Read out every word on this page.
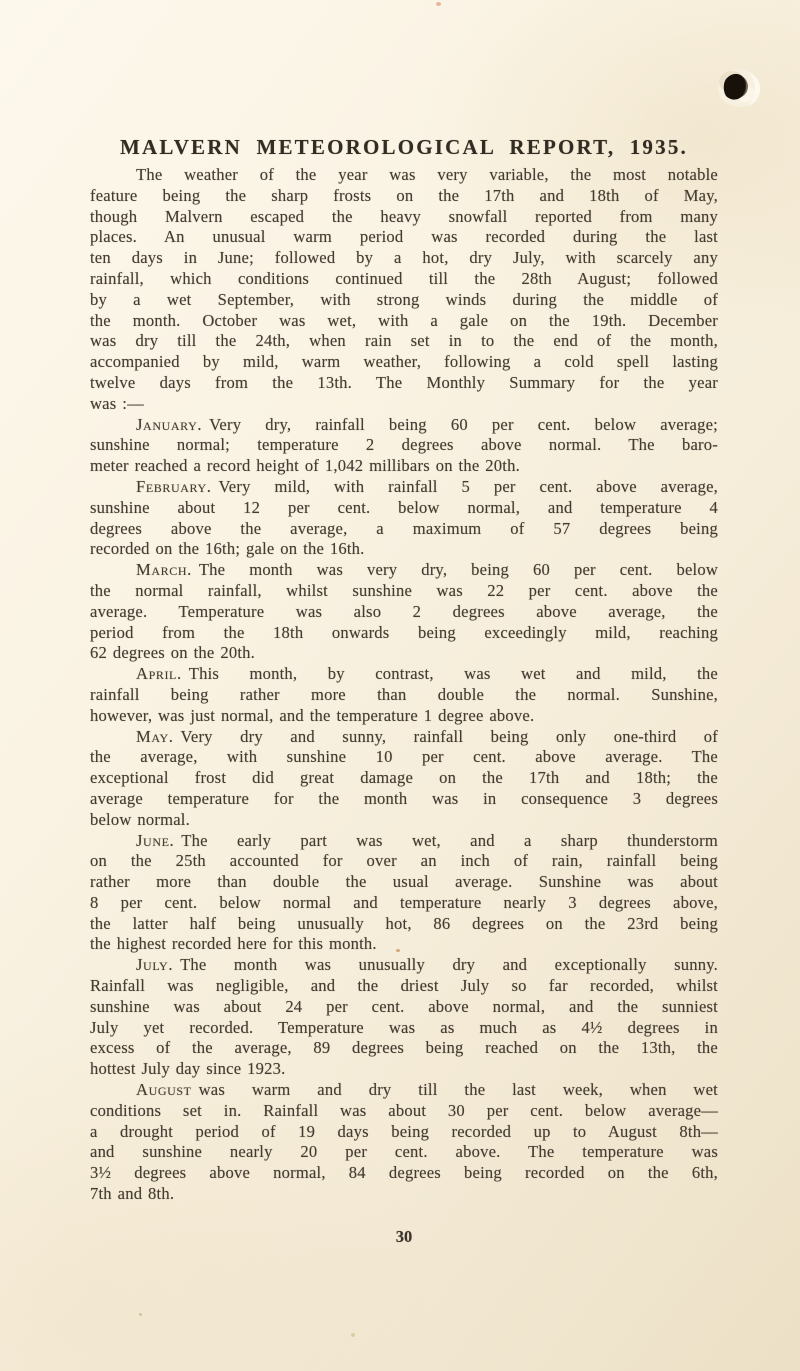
MALVERN METEOROLOGICAL REPORT, 1935.
The weather of the year was very variable, the most notable
feature being the sharp frosts on the 17th and 18th of May,
though Malvern escaped the heavy snowfall reported from many
places. An unusual warm period was recorded during the last
ten days in June; followed by a hot, dry July, with scarcely any
rainfall, which conditions continued till the 28th August; followed
by a wet September, with strong winds during the middle of
the month. October was wet, with a gale on the 19th. December
was dry till the 24th, when rain set in to the end of the month,
accompanied by mild, warm weather, following a cold spell lasting
twelve days from the 13th. The Monthly Summary for the year
was :—
January. Very dry, rainfall being 60 per cent. below average;
sunshine normal; temperature 2 degrees above normal. The baro-
meter reached a record height of 1,042 millibars on the 20th.
February. Very mild, with rainfall 5 per cent. above average,
sunshine about 12 per cent. below normal, and temperature 4
degrees above the average, a maximum of 57 degrees being
recorded on the 16th; gale on the 16th.
March. The month was very dry, being 60 per cent. below
the normal rainfall, whilst sunshine was 22 per cent. above the
average. Temperature was also 2 degrees above average, the
period from the 18th onwards being exceedingly mild, reaching
62 degrees on the 20th.
April. This month, by contrast, was wet and mild, the
rainfall being rather more than double the normal. Sunshine,
however, was just normal, and the temperature 1 degree above.
May. Very dry and sunny, rainfall being only one-third of
the average, with sunshine 10 per cent. above average. The
exceptional frost did great damage on the 17th and 18th; the
average temperature for the month was in consequence 3 degrees
below normal.
June. The early part was wet, and a sharp thunderstorm
on the 25th accounted for over an inch of rain, rainfall being
rather more than double the usual average. Sunshine was about
8 per cent. below normal and temperature nearly 3 degrees above,
the latter half being unusually hot, 86 degrees on the 23rd being
the highest recorded here for this month.
July. The month was unusually dry and exceptionally sunny.
Rainfall was negligible, and the driest July so far recorded, whilst
sunshine was about 24 per cent. above normal, and the sunniest
July yet recorded. Temperature was as much as 4½ degrees in
excess of the average, 89 degrees being reached on the 13th, the
hottest July day since 1923.
August was warm and dry till the last week, when wet
conditions set in. Rainfall was about 30 per cent. below average—
a drought period of 19 days being recorded up to August 8th—
and sunshine nearly 20 per cent. above. The temperature was
3½ degrees above normal, 84 degrees being recorded on the 6th,
7th and 8th.
30
